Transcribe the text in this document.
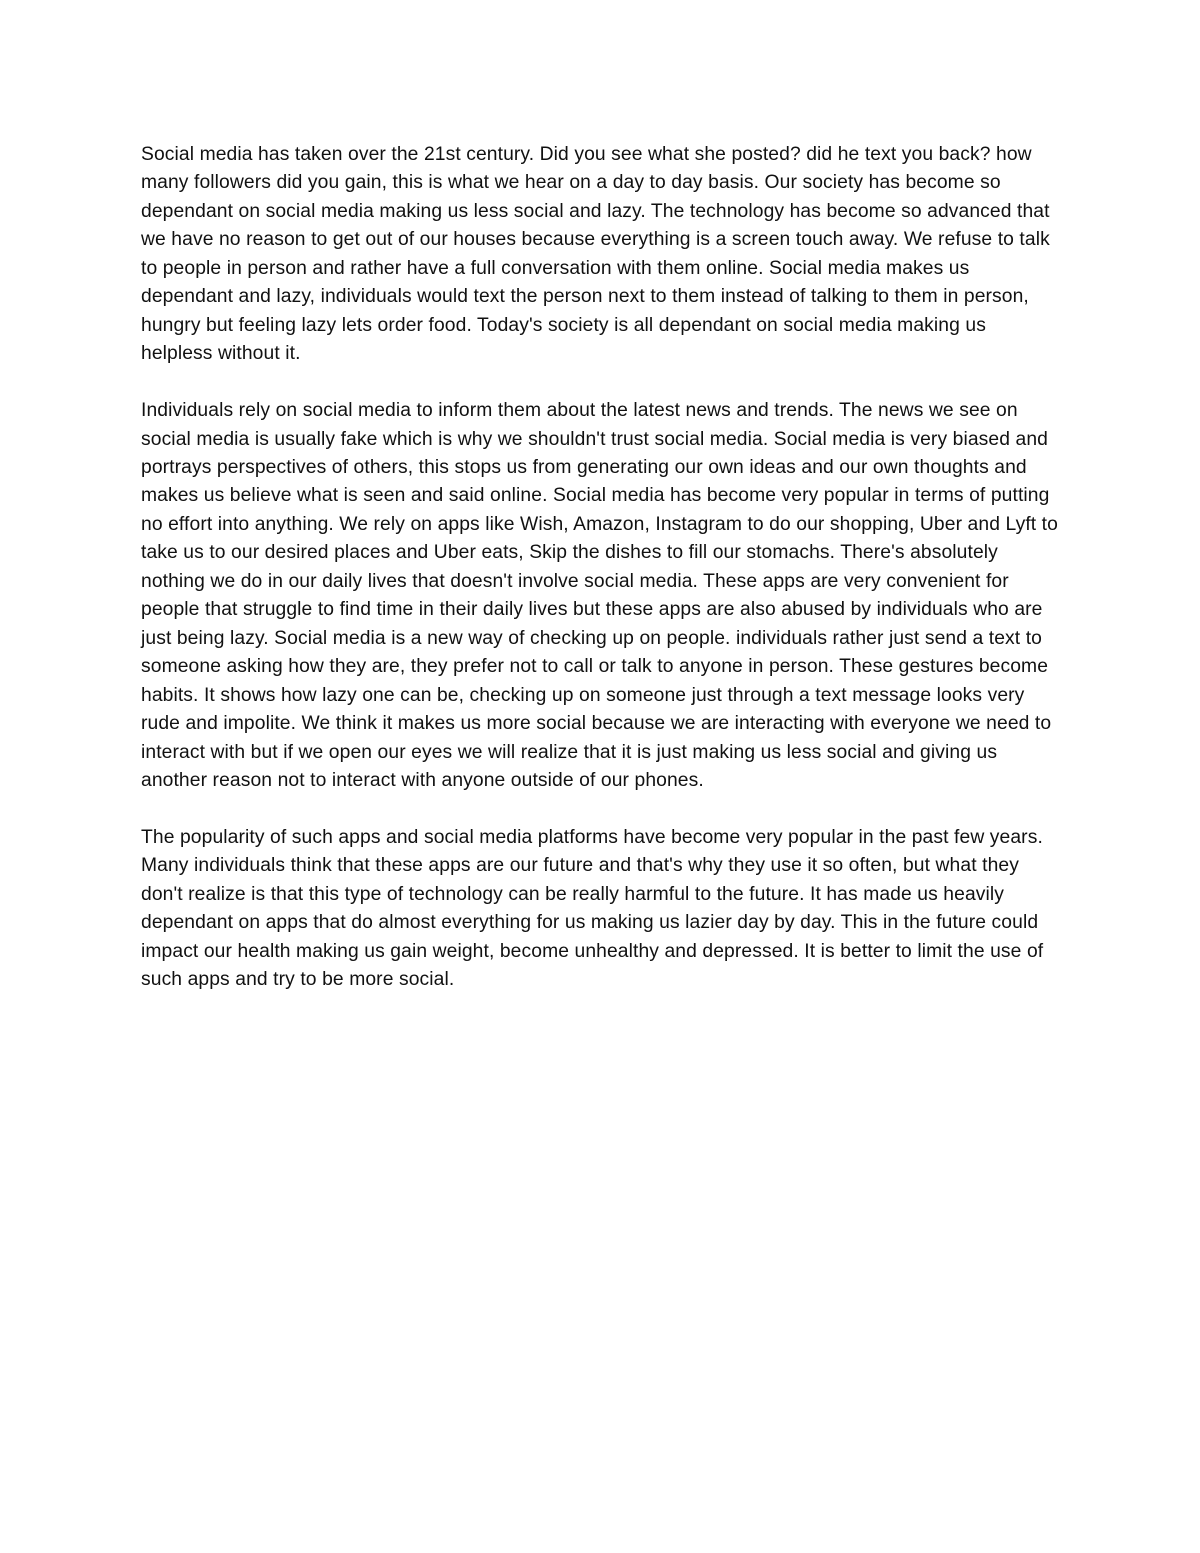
Social media has taken over the 21st century. Did you see what she posted? did he text you back? how many followers did you gain, this is what we hear on a day to day basis. Our society has become so dependant on social media making us less social and lazy. The technology has become so advanced that we have no reason to get out of our houses because everything is a screen touch away. We refuse to talk to people in person and rather have a full conversation with them online. Social media makes us dependant and lazy, individuals would text the person next to them instead of talking to them in person, hungry but feeling lazy lets order food. Today's society is all dependant on social media making us helpless without it.

Individuals rely on social media to inform them about the latest news and trends. The news we see on social media is usually fake which is why we shouldn't trust social media. Social media is very biased and portrays perspectives of others, this stops us from generating our own ideas and our own thoughts and makes us believe what is seen and said online. Social media has become very popular in terms of putting no effort into anything. We rely on apps like Wish, Amazon, Instagram to do our shopping, Uber and Lyft to take us to our desired places and Uber eats, Skip the dishes to fill our stomachs. There's absolutely nothing we do in our daily lives that doesn't involve social media. These apps are very convenient for people that struggle to find time in their daily lives but these apps are also abused by individuals who are just being lazy. Social media is a new way of checking up on people. individuals rather just send a text to someone asking how they are, they prefer not to call or talk to anyone in person. These gestures become habits. It shows how lazy one can be, checking up on someone just through a text message looks very rude and impolite. We think it makes us more social because we are interacting with everyone we need to interact with but if we open our eyes we will realize that it is just making us less social and giving us another reason not to interact with anyone outside of our phones.

The popularity of such apps and social media platforms have become very popular in the past few years. Many individuals think that these apps are our future and that's why they use it so often, but what they don't realize is that this type of technology can be really harmful to the future. It has made us heavily dependant on apps that do almost everything for us making us lazier day by day. This in the future could impact our health making us gain weight, become unhealthy and depressed. It is better to limit the use of such apps and try to be more social.
